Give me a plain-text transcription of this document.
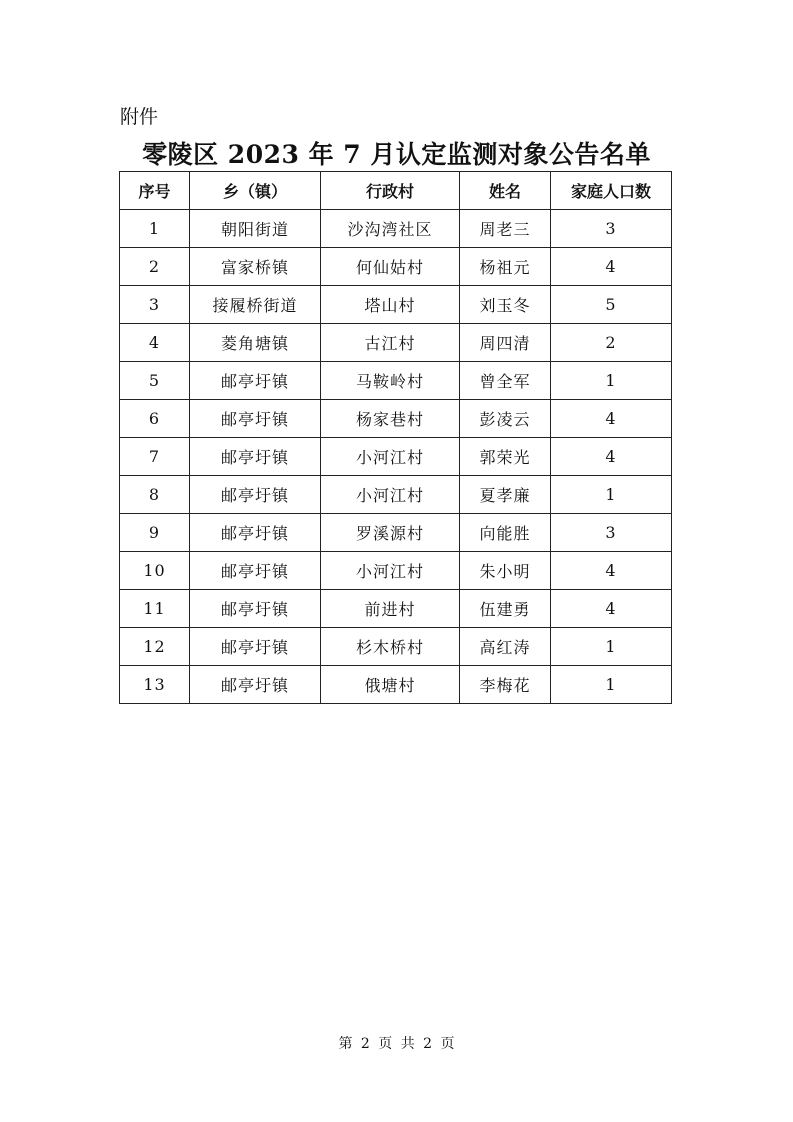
附件
零陵区 2023 年 7 月认定监测对象公告名单
序号	乡（镇）	行政村	姓名	家庭人口数
1	朝阳街道	沙沟湾社区	周老三	3
2	富家桥镇	何仙姑村	杨祖元	4
3	接履桥街道	塔山村	刘玉冬	5
4	菱角塘镇	古江村	周四清	2
5	邮亭圩镇	马鞍岭村	曾全军	1
6	邮亭圩镇	杨家巷村	彭凌云	4
7	邮亭圩镇	小河江村	郭荣光	4
8	邮亭圩镇	小河江村	夏孝廉	1
9	邮亭圩镇	罗溪源村	向能胜	3
10	邮亭圩镇	小河江村	朱小明	4
11	邮亭圩镇	前进村	伍建勇	4
12	邮亭圩镇	杉木桥村	高红涛	1
13	邮亭圩镇	俄塘村	李梅花	1
第 2 页 共 2 页
